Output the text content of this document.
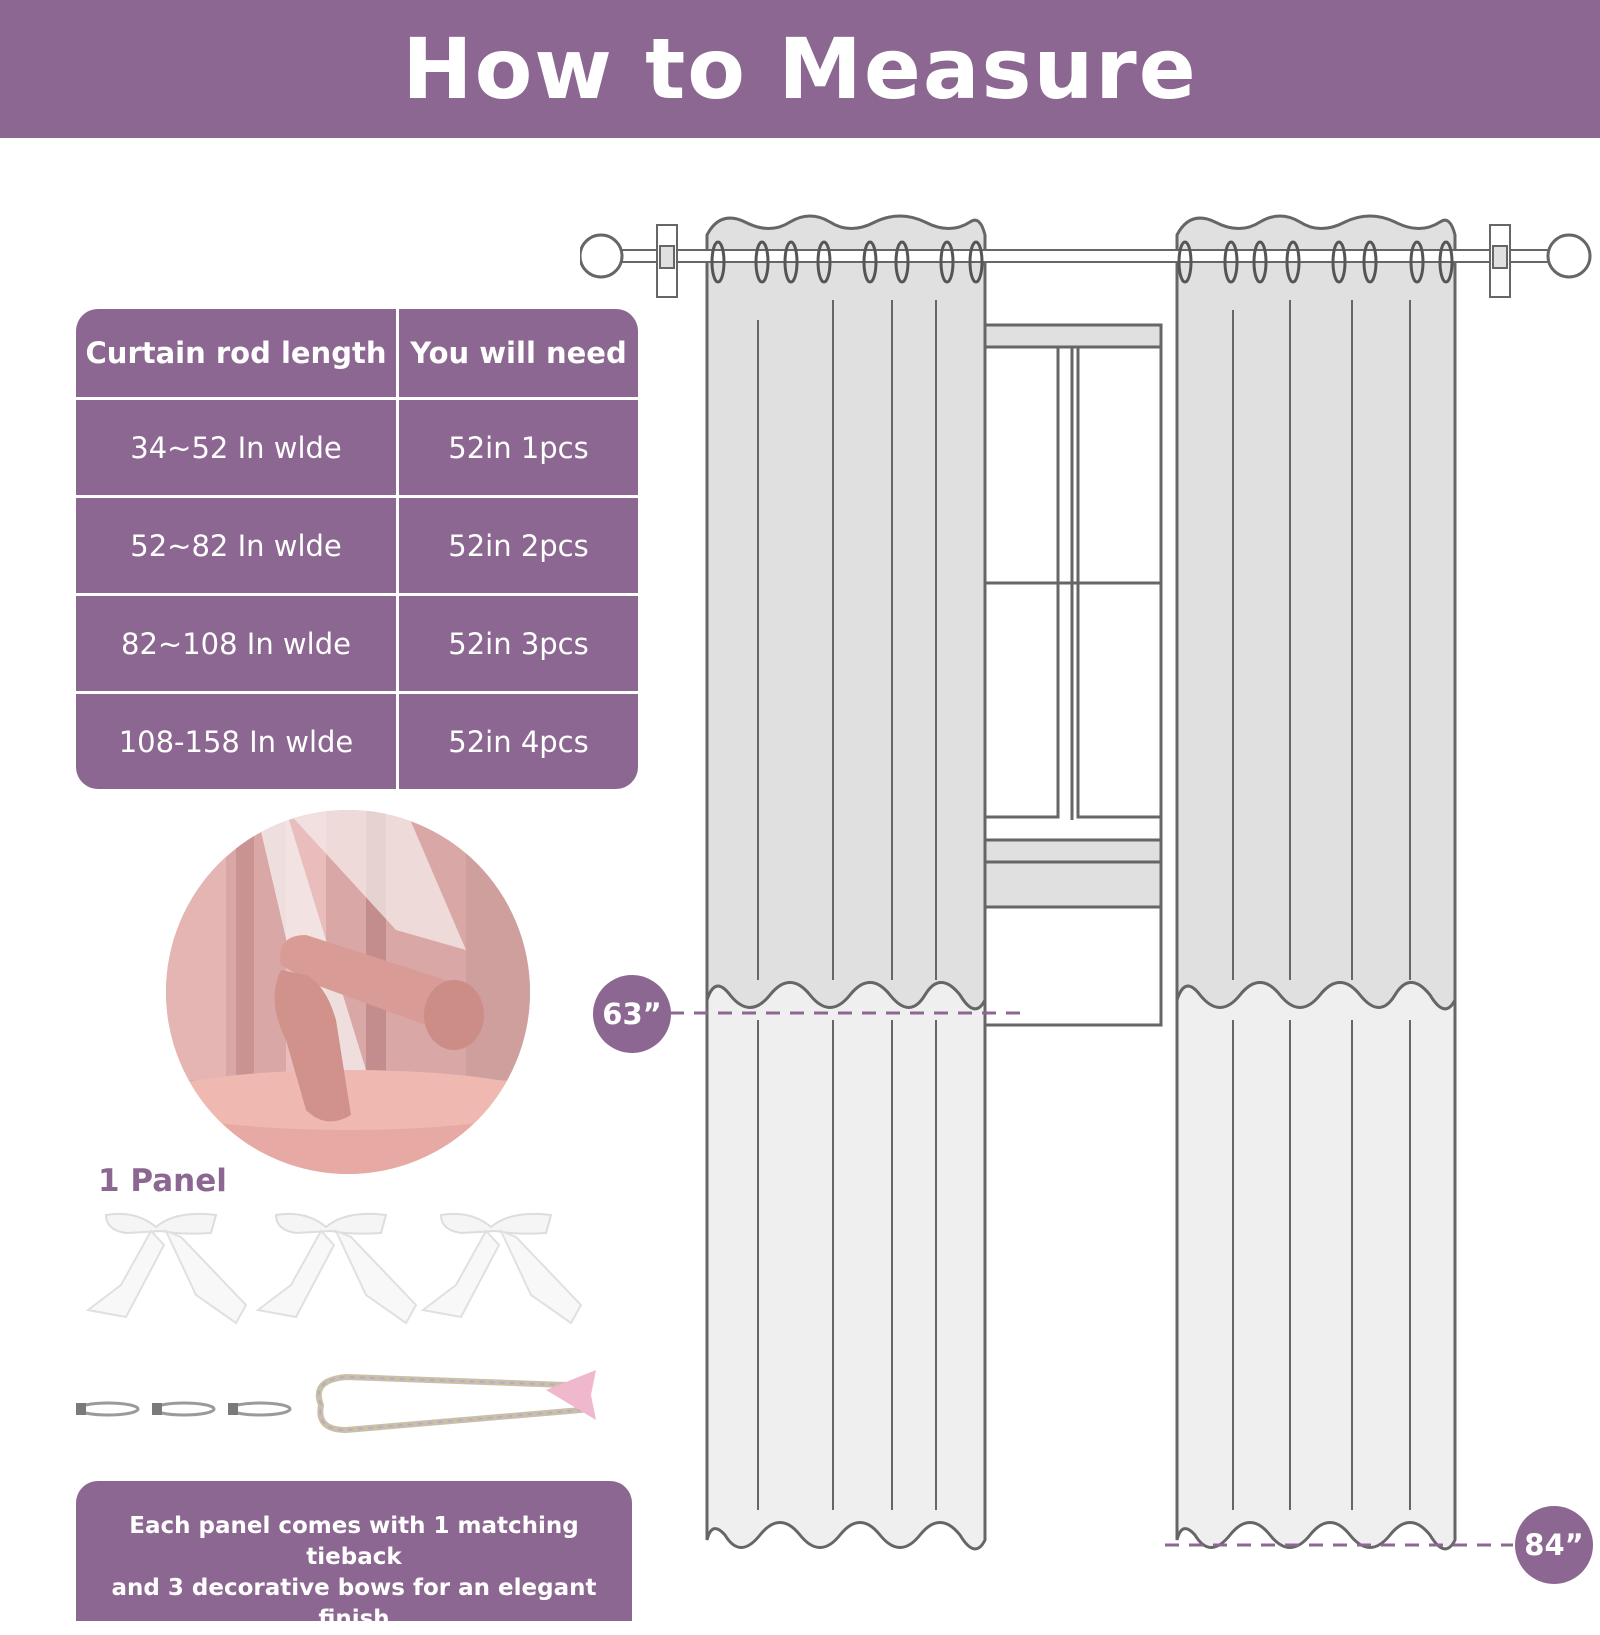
How to Measure
Curtain rod length	You will need
34~52 In wlde	52in 1pcs
52~82 In wlde	52in 2pcs
82~108 In wlde	52in 3pcs
108-158 In wlde	52in 4pcs
1 Panel
Each panel comes with 1 matching tieback
and 3 decorative bows for an elegant finish
63”
84”
